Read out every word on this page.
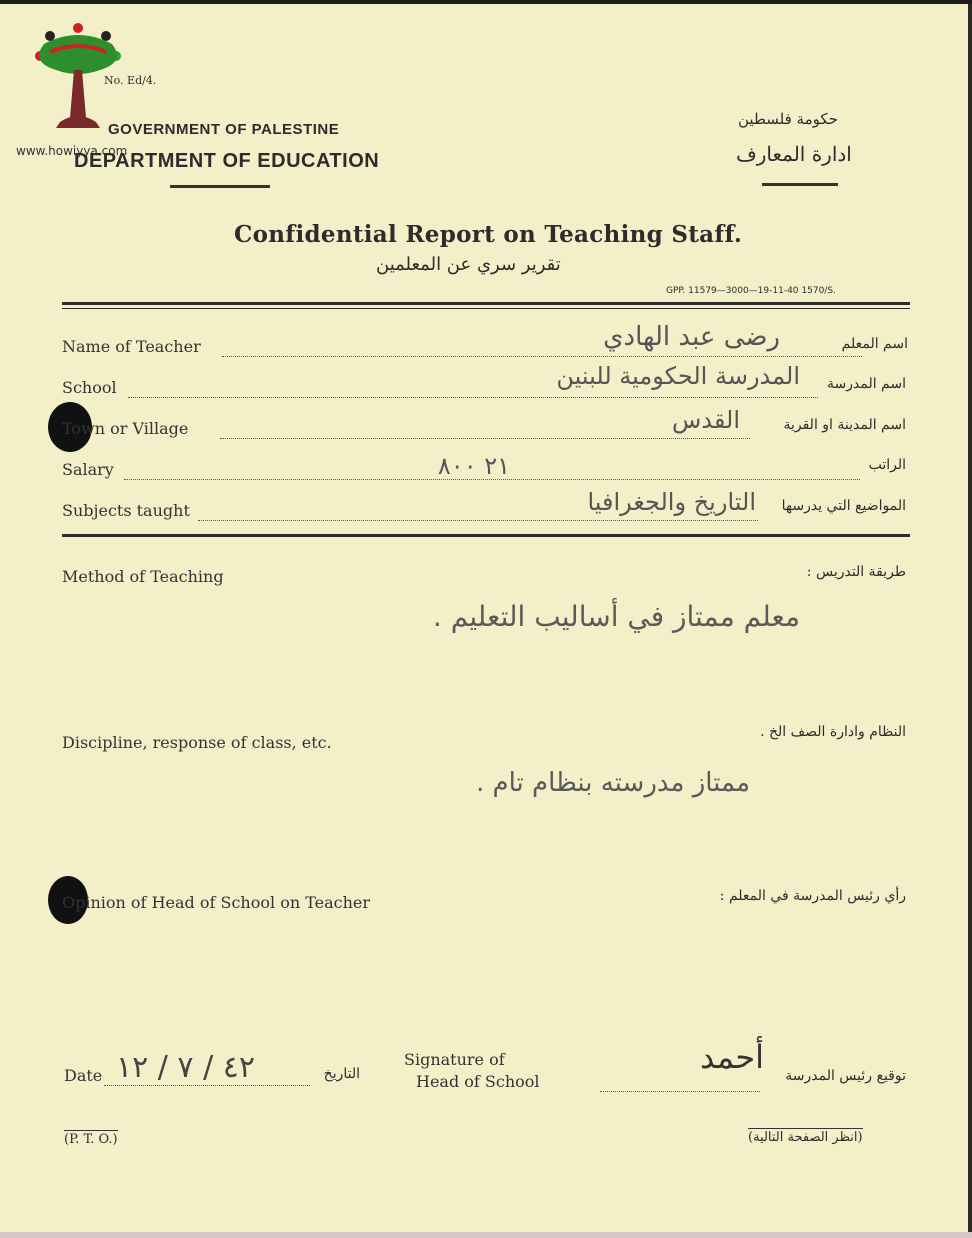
www.howiyya.com
No. Ed/4.
GOVERNMENT OF PALESTINE
DEPARTMENT OF EDUCATION
حكومة فلسطين
ادارة المعارف
Confidential Report on Teaching Staff.
تقرير سري عن المعلمين
GPP. 11579—3000—19-11-40 1570/S.
Name of Teacher	اسم المعلم
رضى عبد الهادي
School	اسم المدرسة
المدرسة الحكومية للبنين
Town or Village	اسم المدينة او القرية
القدس
Salary	الراتب
٢١ ٨٠٠
Subjects taught	المواضيع التي يدرسها
التاريخ والجغرافيا
Method of Teaching	طريقة التدريس :
معلم ممتاز في أساليب التعليم .
Discipline, response of class, etc.
النظام وادارة الصف الخ .
ممتاز مدرسته بنظام تام .
Opinion of Head of School on Teacher	رأي رئيس المدرسة في المعلم :
Date ٤٢ / ٧ / ١٢	التاريخ
Signature of
Head of School
أحمد	توقيع رئيس المدرسة
(P. T. O.)	(انظر الصفحة التالية)
